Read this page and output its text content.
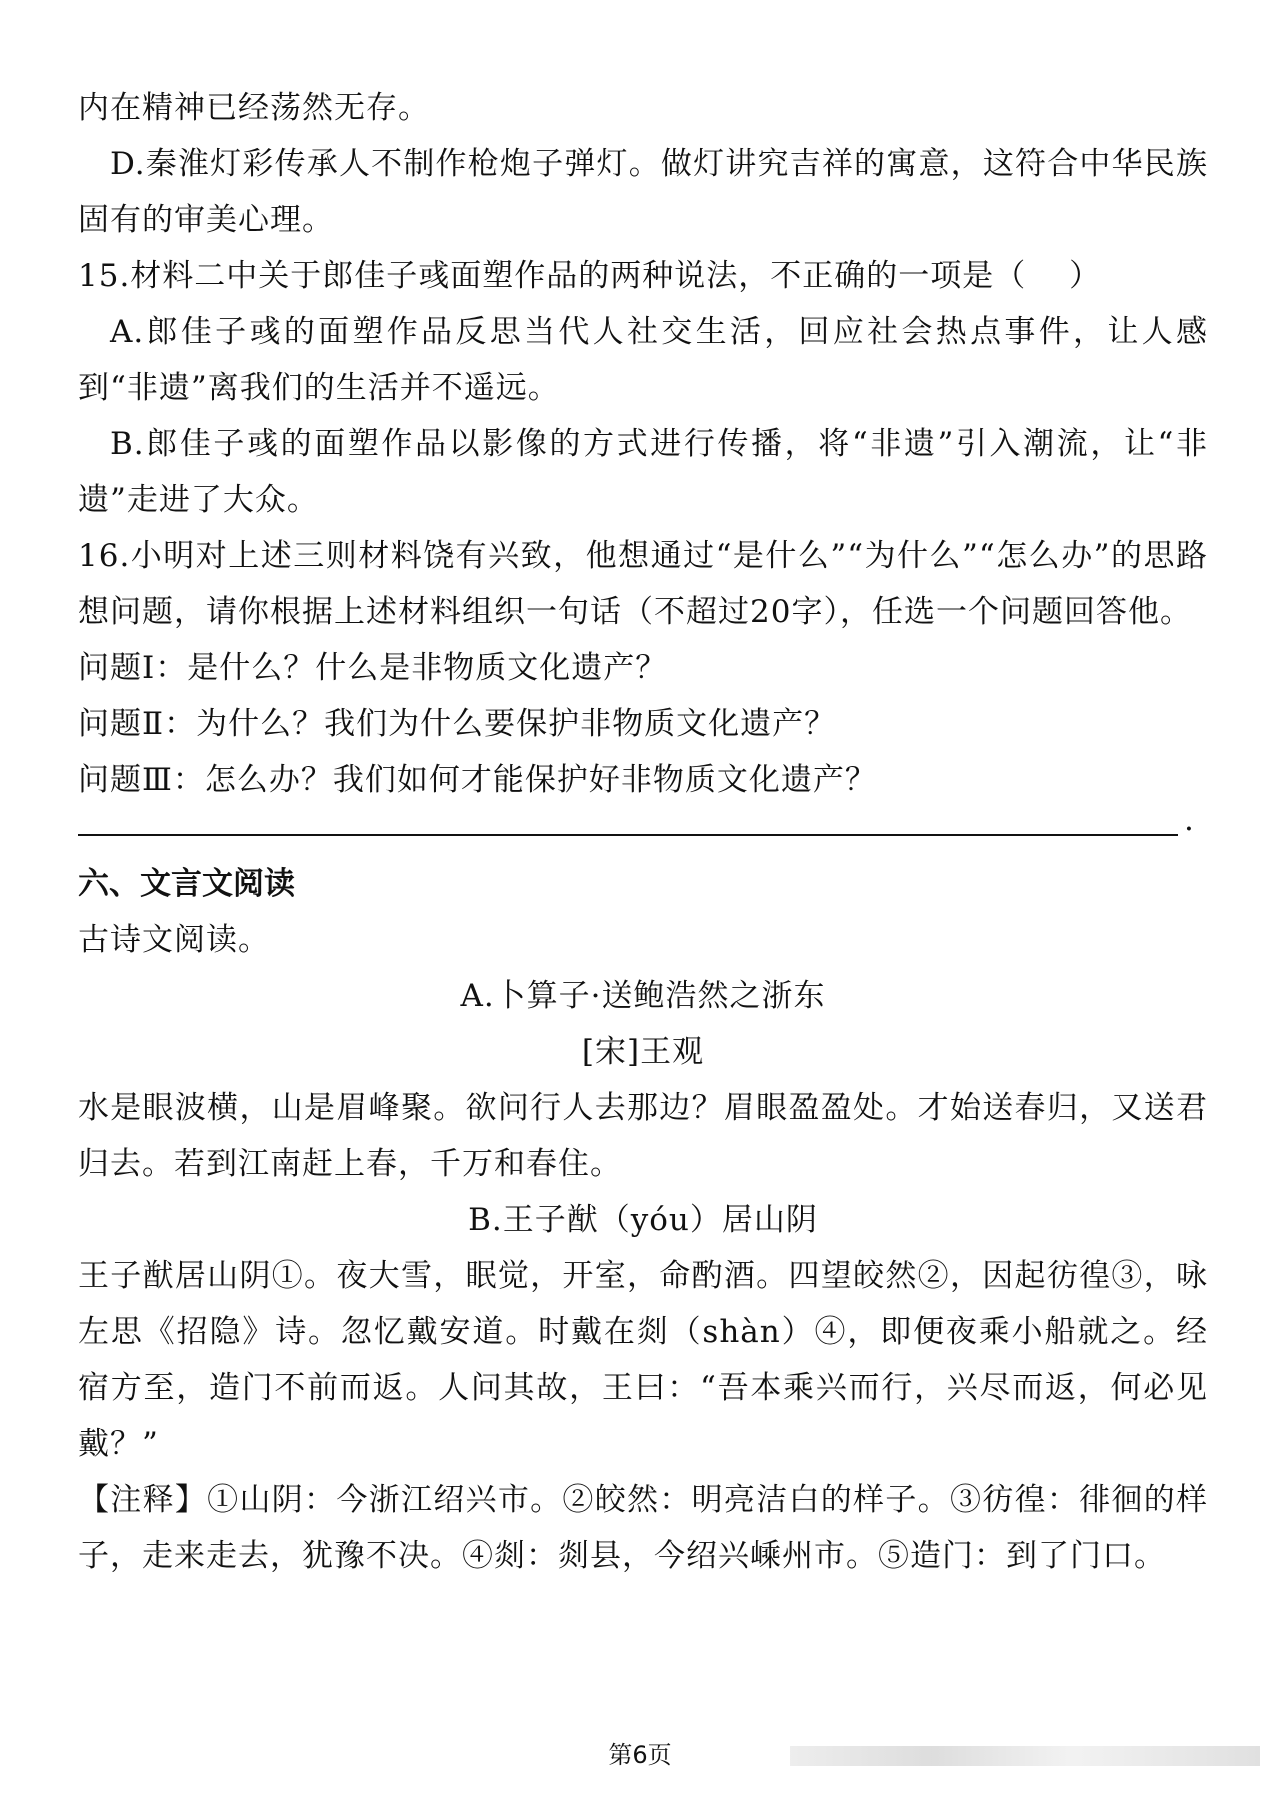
内在精神已经荡然无存。

D.秦淮灯彩传承人不制作枪炮子弹灯。做灯讲究吉祥的寓意，这符合中华民族固有的审美心理。

15.材料二中关于郎佳子彧面塑作品的两种说法，不正确的一项是（　 ）

A.郎佳子彧的面塑作品反思当代人社交生活，回应社会热点事件，让人感到“非遗”离我们的生活并不遥远。

B.郎佳子彧的面塑作品以影像的方式进行传播，将“非遗”引入潮流，让“非遗”走进了大众。

16.小明对上述三则材料饶有兴致，他想通过“是什么”“为什么”“怎么办”的思路想问题，请你根据上述材料组织一句话（不超过20字），任选一个问题回答他。

问题Ⅰ：是什么？什么是非物质文化遗产？

问题Ⅱ：为什么？我们为什么要保护非物质文化遗产？

问题Ⅲ：怎么办？我们如何才能保护好非物质文化遗产？

.

六、文言文阅读

古诗文阅读。

A.卜算子·送鲍浩然之浙东

[宋]王观

水是眼波横，山是眉峰聚。欲问行人去那边？眉眼盈盈处。才始送春归，又送君归去。若到江南赶上春，千万和春住。

B.王子猷（yóu）居山阴

王子猷居山阴①。夜大雪，眠觉，开室，命酌酒。四望皎然②，因起彷徨③，咏左思《招隐》诗。忽忆戴安道。时戴在剡（shàn）④，即便夜乘小船就之。经宿方至，造门不前而返。人问其故，王曰：“吾本乘兴而行，兴尽而返，何必见戴？”

【注释】①山阴：今浙江绍兴市。②皎然：明亮洁白的样子。③彷徨：徘徊的样子，走来走去，犹豫不决。④剡：剡县，今绍兴嵊州市。⑤造门：到了门口。

第6页
